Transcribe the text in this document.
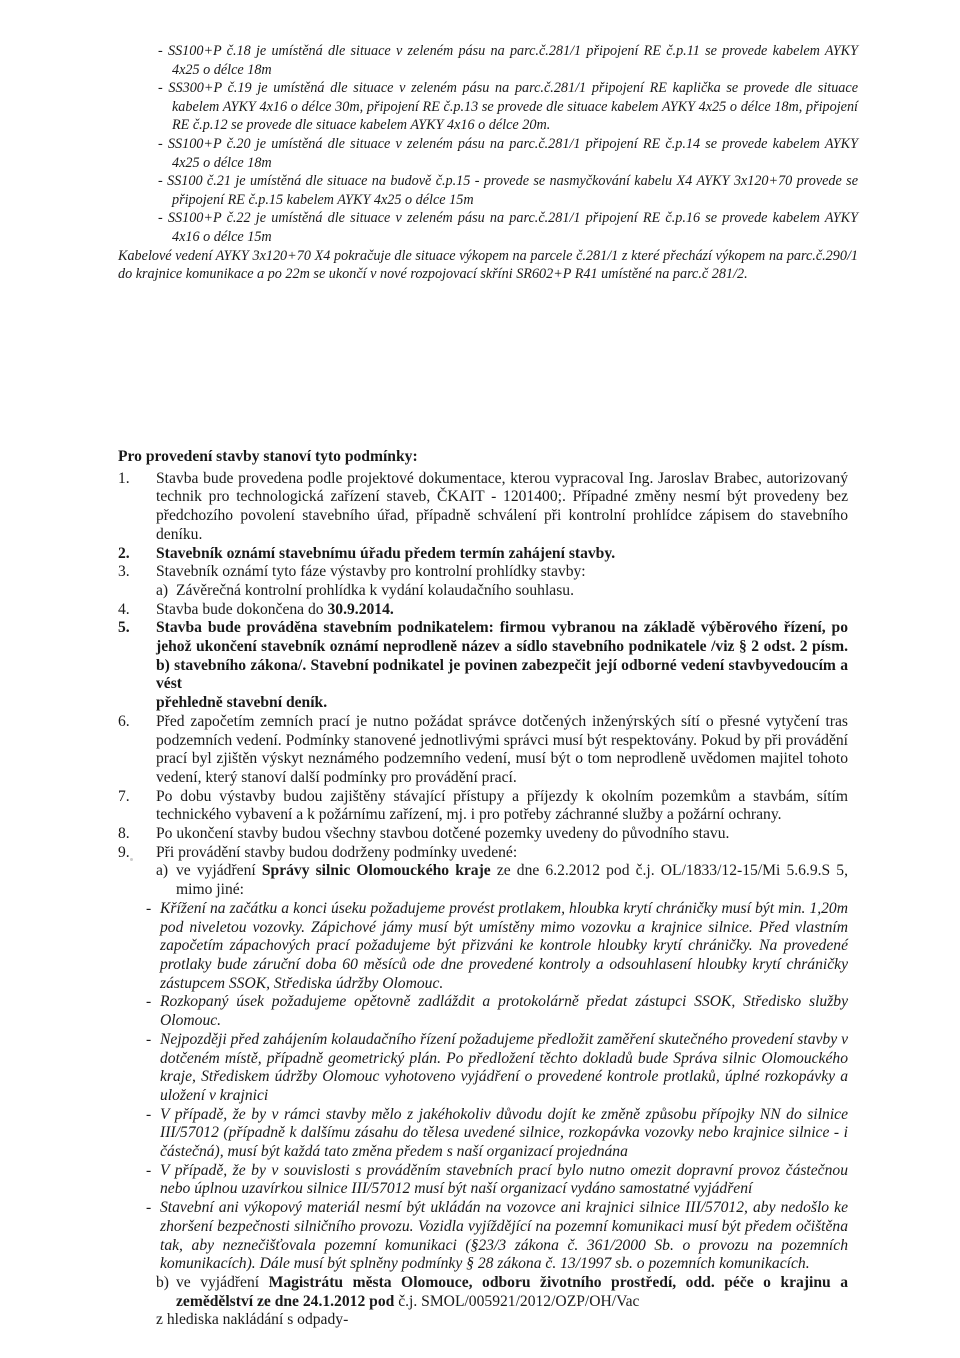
- SS100+P č.18 je umístěná dle situace v zeleném pásu na parc.č.281/1 připojení RE č.p.11 se provede kabelem AYKY 4x25 o délce 18m

- SS300+P č.19 je umístěná dle situace v zeleném pásu na parc.č.281/1 připojení RE kaplička se provede dle situace kabelem AYKY 4x16 o délce 30m, připojení RE č.p.13 se provede dle situace kabelem AYKY 4x25 o délce 18m, připojení RE č.p.12 se provede dle situace kabelem AYKY 4x16 o délce 20m.

- SS100+P č.20 je umístěná dle situace v zeleném pásu na parc.č.281/1 připojení RE č.p.14 se provede kabelem AYKY 4x25 o délce 18m

- SS100 č.21 je umístěná dle situace na budově č.p.15 - provede se nasmyčkování kabelu X4 AYKY 3x120+70 provede se připojení RE č.p.15 kabelem AYKY 4x25 o délce 15m

- SS100+P č.22 je umístěná dle situace v zeleném pásu na parc.č.281/1 připojení RE č.p.16 se provede kabelem AYKY 4x16 o délce 15m

Kabelové vedení AYKY 3x120+70 X4 pokračuje dle situace výkopem na parcele č.281/1 z které přechází výkopem na parc.č.290/1 do krajnice komunikace a po 22m se ukončí v nové rozpojovací skříni SR602+P R41 umístěné na parc.č 281/2.

Pro provedení stavby stanoví tyto podmínky:

1.	Stavba bude provedena podle projektové dokumentace, kterou vypracoval Ing. Jaroslav Brabec, autorizovaný technik pro technologická zařízení staveb, ČKAIT - 1201400;. Případné změny nesmí být provedeny bez předchozího povolení stavebního úřad, případně schválení při kontrolní prohlídce zápisem do stavebního deníku.
2.	Stavebník oznámí stavebnímu úřadu předem termín zahájení stavby.
3.	Stavebník oznámí tyto fáze výstavby pro kontrolní prohlídky stavby:
a) Závěrečná kontrolní prohlídka k vydání kolaudačního souhlasu.
4.	Stavba bude dokončena do 30.9.2014.
5.	Stavba bude prováděna stavebním podnikatelem: firmou vybranou na základě výběrového řízení, po jehož ukončení stavebník oznámí neprodleně název a sídlo stavebního podnikatele /viz § 2 odst. 2 písm. b) stavebního zákona/. Stavební podnikatel je povinen zabezpečit její odborné vedení stavbyvedoucím a vést
přehledně stavební deník.
6.	Před započetím zemních prací je nutno požádat správce dotčených inženýrských sítí o přesné vytyčení tras podzemních vedení. Podmínky stanovené jednotlivými správci musí být respektovány. Pokud by při provádění prací byl zjištěn výskyt neznámého podzemního vedení, musí být o tom neprodleně uvědomen majitel tohoto vedení, který stanoví další podmínky pro provádění prací.
7.	Po dobu výstavby budou zajištěny stávající přístupy a příjezdy k okolním pozemkům a stavbám, sítím technického vybavení a k požárnímu zařízení, mj. i pro potřeby záchranné služby a požární ochrany.
8.	Po ukončení stavby budou všechny stavbou dotčené pozemky uvedeny do původního stavu.
9.	Při provádění stavby budou dodrženy podmínky uvedené:
a) ve vyjádření Správy silnic Olomouckého kraje ze dne 6.2.2012 pod č.j. OL/1833/12-15/Mi 5.6.9.S 5, mimo jiné:
- Křížení na začátku a konci úseku požadujeme provést protlakem, hloubka krytí chráničky musí být min. 1,20m pod niveletou vozovky. Zápichové jámy musí být umístěny mimo vozovku a krajnice silnice. Před vlastním započetím zápachových prací požadujeme být přizváni ke kontrole hloubky krytí chráničky. Na provedené protlaky bude záruční doba 60 měsíců ode dne provedené kontroly a odsouhlasení hloubky krytí chráničky zástupcem SSOK, Střediska údržby Olomouc.
- Rozkopaný úsek požadujeme opětovně zadláždit a protokolárně předat zástupci SSOK, Středisko služby Olomouc.
- Nejpozději před zahájením kolaudačního řízení požadujeme předložit zaměření skutečného provedení stavby v dotčeném místě, případně geometrický plán. Po předložení těchto dokladů bude Správa silnic Olomouckého kraje, Střediskem údržby Olomouc vyhotoveno vyjádření o provedené kontrole protlaků, úplné rozkopávky a uložení v krajnici
- V případě, že by v rámci stavby mělo z jakéhokoliv důvodu dojít ke změně způsobu přípojky NN do silnice III/57012 (případně k dalšímu zásahu do tělesa uvedené silnice, rozkopávka vozovky nebo krajnice silnice - i částečná), musí být každá tato změna předem s naší organizací projednána
- V případě, že by v souvislosti s prováděním stavebních prací bylo nutno omezit dopravní provoz částečnou nebo úplnou uzavírkou silnice III/57012 musí být naší organizací vydáno samostatné vyjádření
- Stavební ani výkopový materiál nesmí být ukládán na vozovce ani krajnici silnice III/57012, aby nedošlo ke zhoršení bezpečnosti silničního provozu. Vozidla vyjíždějící na pozemní komunikaci musí být předem očištěna tak, aby neznečišťovala pozemní komunikaci (§23/3 zákona č. 361/2000 Sb. o provozu na pozemních komunikacích). Dále musí být splněny podmínky § 28 zákona č. 13/1997 sb. o pozemních komunikacích.
b) ve vyjádření Magistrátu města Olomouce, odboru životního prostředí, odd. péče o krajinu a zemědělství ze dne 24.1.2012 pod č.j. SMOL/005921/2012/OZP/OH/Vac

z hlediska nakládání s odpady-
